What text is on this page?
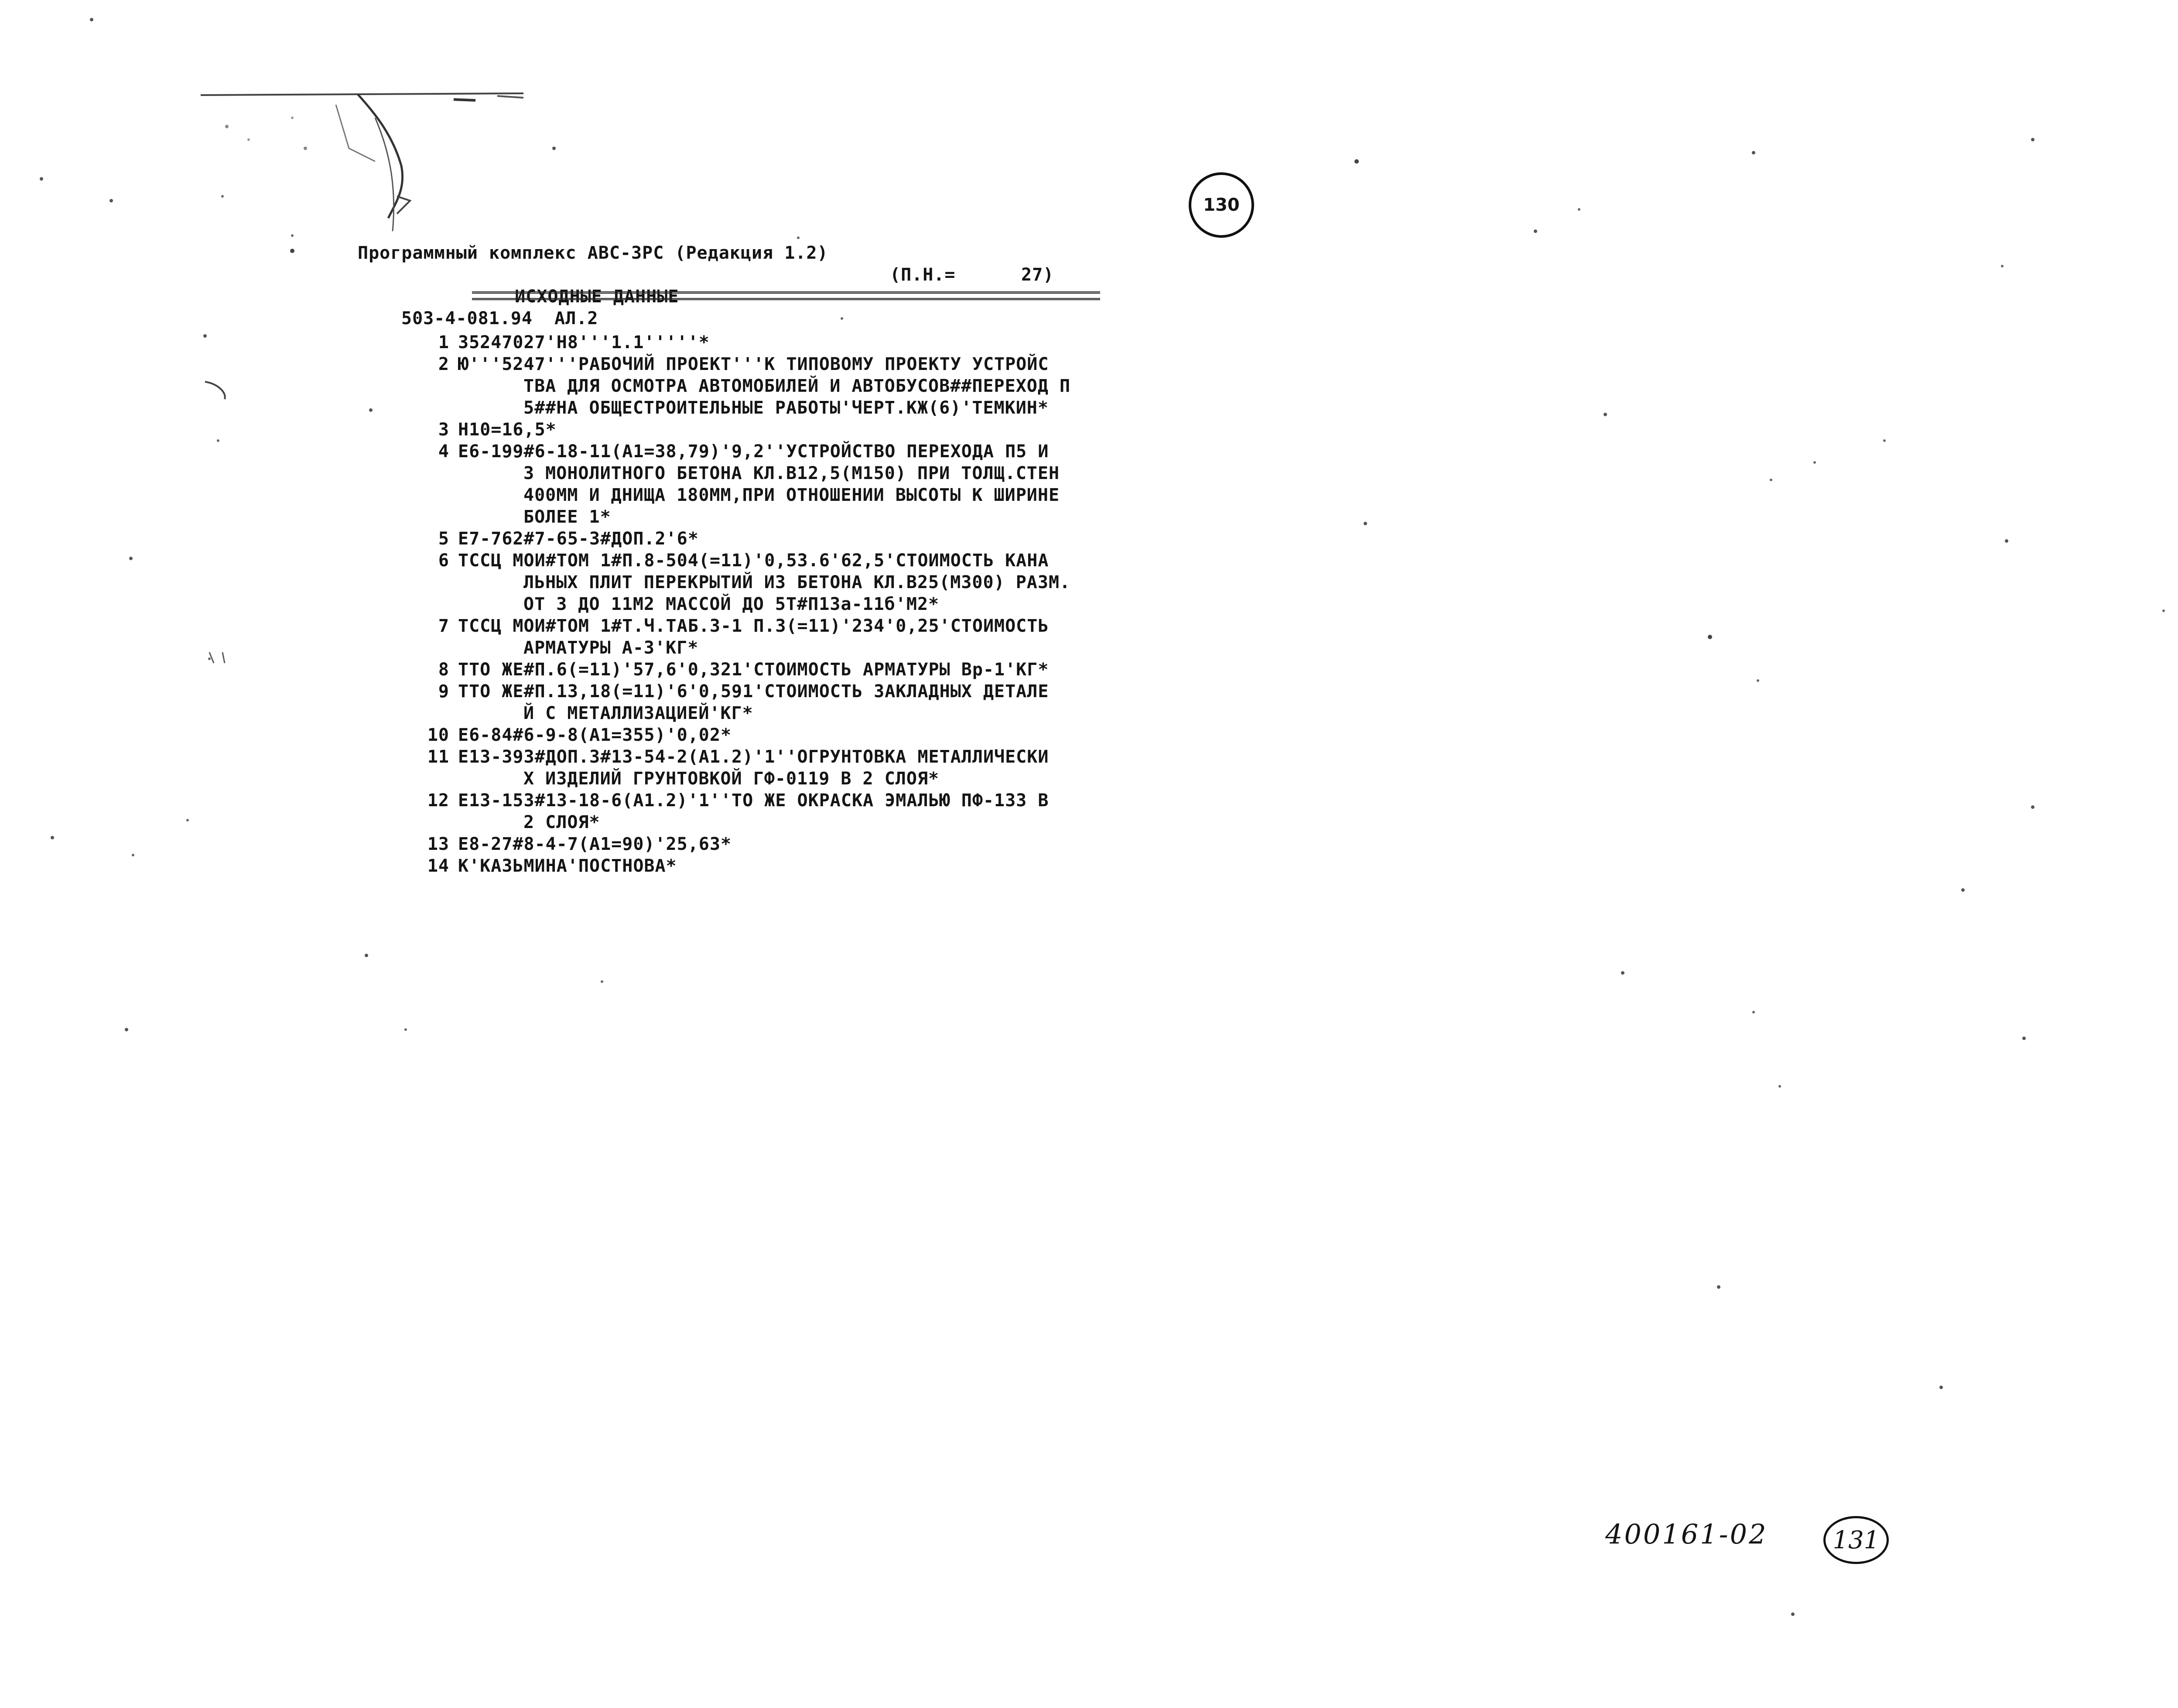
Программный комплекс АВС-3РС (Редакция 1.2)

503-4-081.94  АЛ.2

130

ИСХОДНЫЕ ДАННЫЕ

(П.Н.=      27)

1 35247027'Н8'''1.1'''''*
2 Ю'''5247'''РАБОЧИЙ ПРОЕКТ'''К ТИПОВОМУ ПРОЕКТУ УСТРОЙС
ТВА ДЛЯ ОСМОТРА АВТОМОБИЛЕЙ И АВТОБУСОВ##ПЕРЕХОД П
5##НА ОБЩЕСТРОИТЕЛЬНЫЕ РАБОТЫ'ЧЕРТ.КЖ(6)'ТЕМКИН*
3 Н10=16,5*
4 Е6-199#6-18-11(А1=38,79)'9,2''УСТРОЙСТВО ПЕРЕХОДА П5 И
З МОНОЛИТНОГО БЕТОНА КЛ.В12,5(М150) ПРИ ТОЛЩ.СТЕН
400ММ И ДНИЩА 180ММ,ПРИ ОТНОШЕНИИ ВЫСОТЫ К ШИРИНЕ
БОЛЕЕ 1*
5 Е7-762#7-65-3#ДОП.2'6*
6 ТССЦ МОИ#ТОМ 1#П.8-504(=11)'0,53.6'62,5'СТОИМОСТЬ КАНА
ЛЬНЫХ ПЛИТ ПЕРЕКРЫТИЙ ИЗ БЕТОНА КЛ.В25(М300) РАЗМ.
ОТ 3 ДО 11М2 МАССОЙ ДО 5Т#П13а-11б'М2*
7 ТССЦ МОИ#ТОМ 1#Т.Ч.ТАБ.3-1 П.3(=11)'234'0,25'СТОИМОСТЬ
АРМАТУРЫ А-3'КГ*
8 ТТО ЖЕ#П.6(=11)'57,6'0,321'СТОИМОСТЬ АРМАТУРЫ Вр-1'КГ*
9 ТТО ЖЕ#П.13,18(=11)'6'0,591'СТОИМОСТЬ ЗАКЛАДНЫХ ДЕТАЛЕ
Й С МЕТАЛЛИЗАЦИЕЙ'КГ*
10 Е6-84#6-9-8(А1=355)'0,02*
11 Е13-393#ДОП.3#13-54-2(А1.2)'1''ОГРУНТОВКА МЕТАЛЛИЧЕСКИ
Х ИЗДЕЛИЙ ГРУНТОВКОЙ ГФ-0119 В 2 СЛОЯ*
12 Е13-153#13-18-6(А1.2)'1''ТО ЖЕ ОКРАСКА ЭМАЛЬЮ ПФ-133 В
2 СЛОЯ*
13 Е8-27#8-4-7(А1=90)'25,63*
14 К'КАЗЬМИНА'ПОСТНОВА*
400161-02	131
